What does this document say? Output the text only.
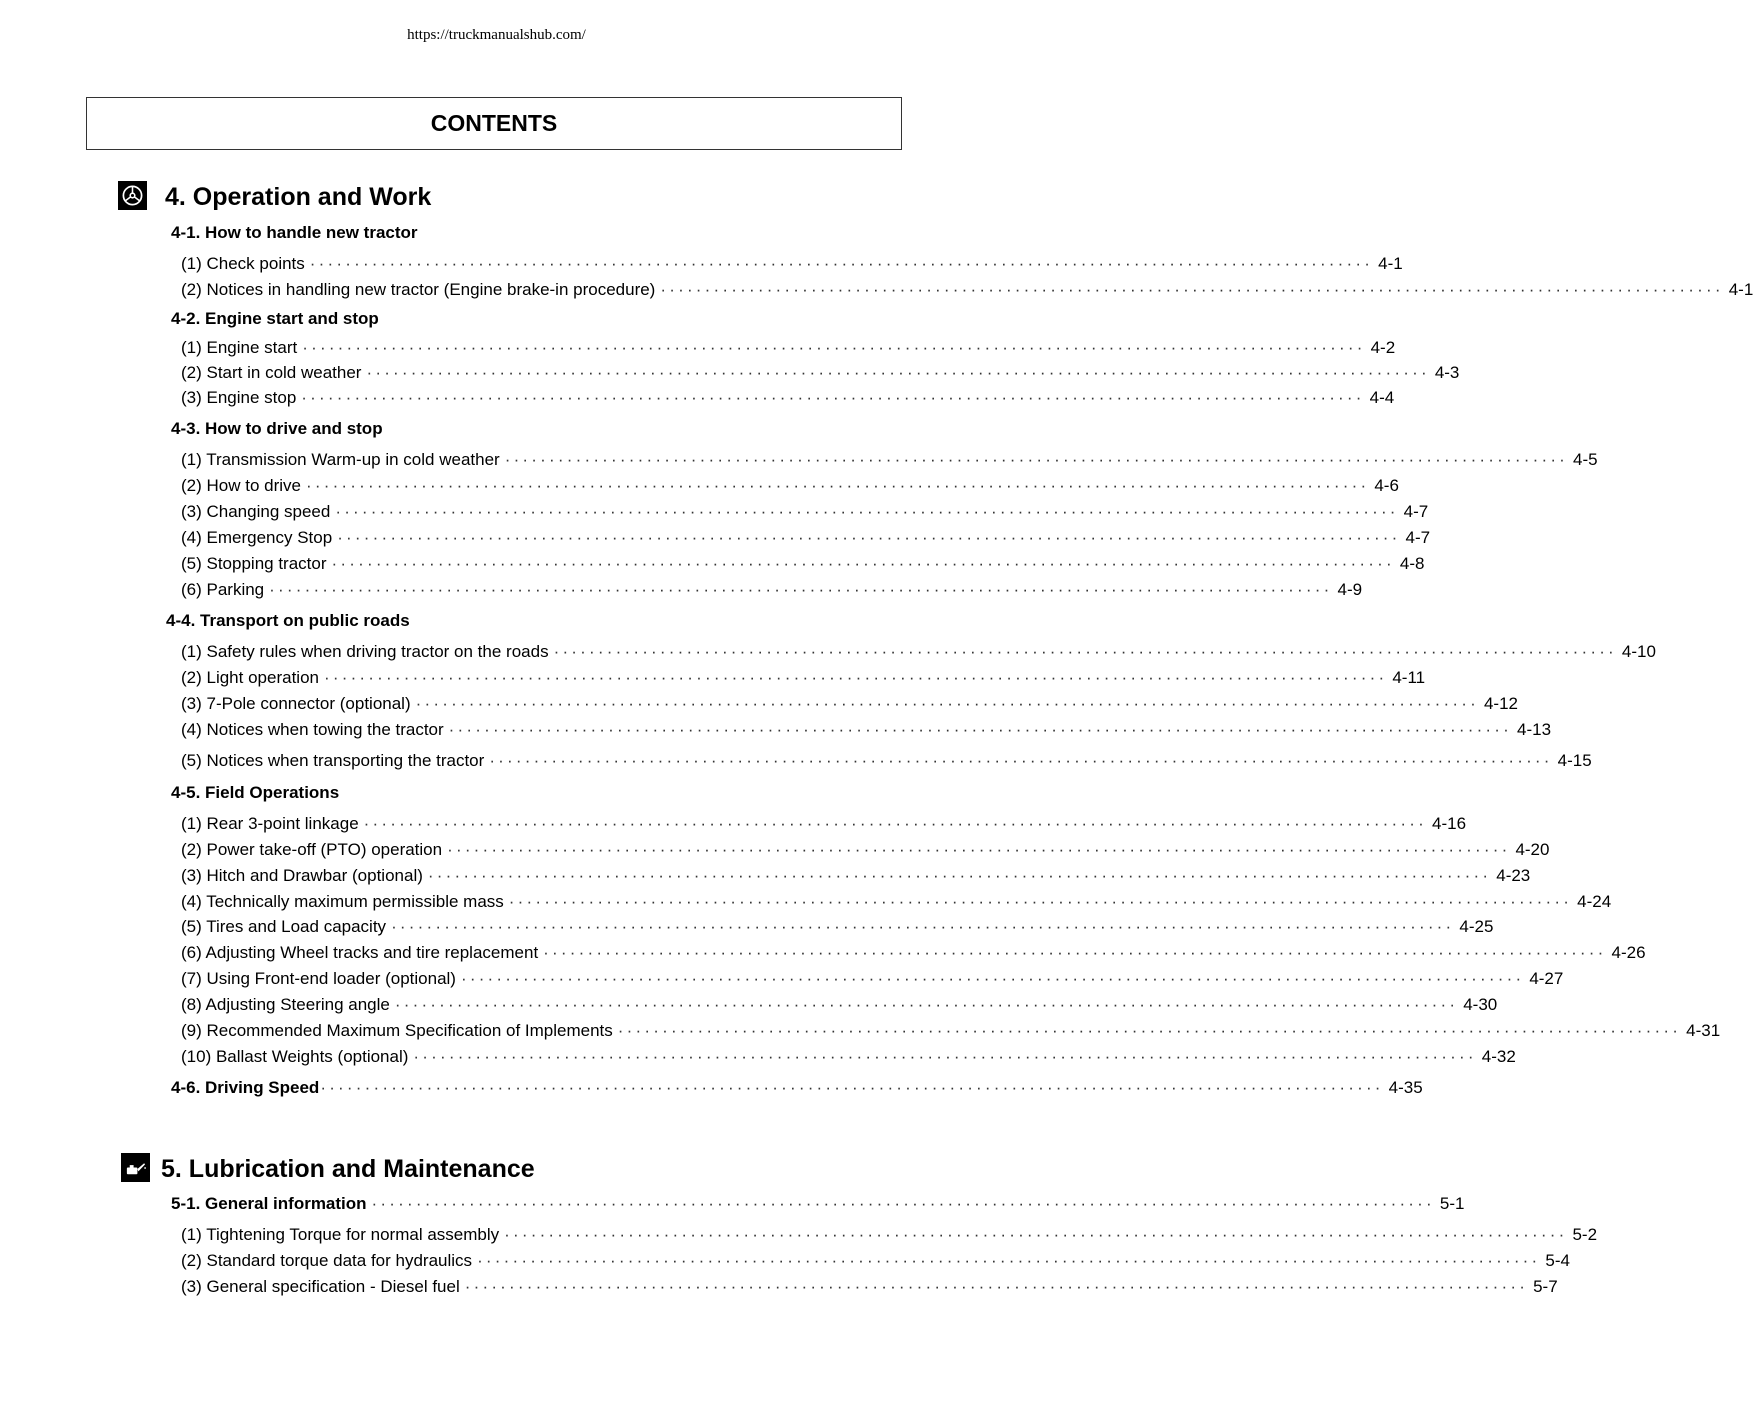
https://truckmanualshub.com/
CONTENTS
4. Operation and Work
4-1. How to handle new tractor
(1) Check points ························································································································ 4-1
(2) Notices in handling new tractor (Engine brake-in procedure) ························································································································ 4-1
4-2. Engine start and stop
(1) Engine start ························································································································ 4-2
(2) Start in cold weather ························································································································ 4-3
(3) Engine stop ························································································································ 4-4
4-3. How to drive and stop
(1) Transmission Warm-up in cold weather ························································································································ 4-5
(2) How to drive ························································································································ 4-6
(3) Changing speed ························································································································ 4-7
(4) Emergency Stop ························································································································ 4-7
(5) Stopping tractor ························································································································ 4-8
(6) Parking ························································································································ 4-9
4-4. Transport on public roads
(1) Safety rules when driving tractor on the roads ························································································································ 4-10
(2) Light operation ························································································································ 4-11
(3) 7-Pole connector (optional) ························································································································ 4-12
(4) Notices when towing the tractor ························································································································ 4-13
(5) Notices when transporting the tractor ························································································································ 4-15
4-5. Field Operations
(1) Rear 3-point linkage ························································································································ 4-16
(2) Power take-off (PTO) operation ························································································································ 4-20
(3) Hitch and Drawbar (optional) ························································································································ 4-23
(4) Technically maximum permissible mass ························································································································ 4-24
(5) Tires and Load capacity ························································································································ 4-25
(6) Adjusting Wheel tracks and tire replacement ························································································································ 4-26
(7) Using Front-end loader (optional) ························································································································ 4-27
(8) Adjusting Steering angle ························································································································ 4-30
(9) Recommended Maximum Specification of Implements ························································································································ 4-31
(10) Ballast Weights (optional) ························································································································ 4-32
4-6. Driving Speed ························································································································ 4-35
5. Lubrication and Maintenance
5-1. General information ························································································································ 5-1
(1) Tightening Torque for normal assembly ························································································································ 5-2
(2) Standard torque data for hydraulics ························································································································ 5-4
(3) General specification - Diesel fuel ························································································································ 5-7
